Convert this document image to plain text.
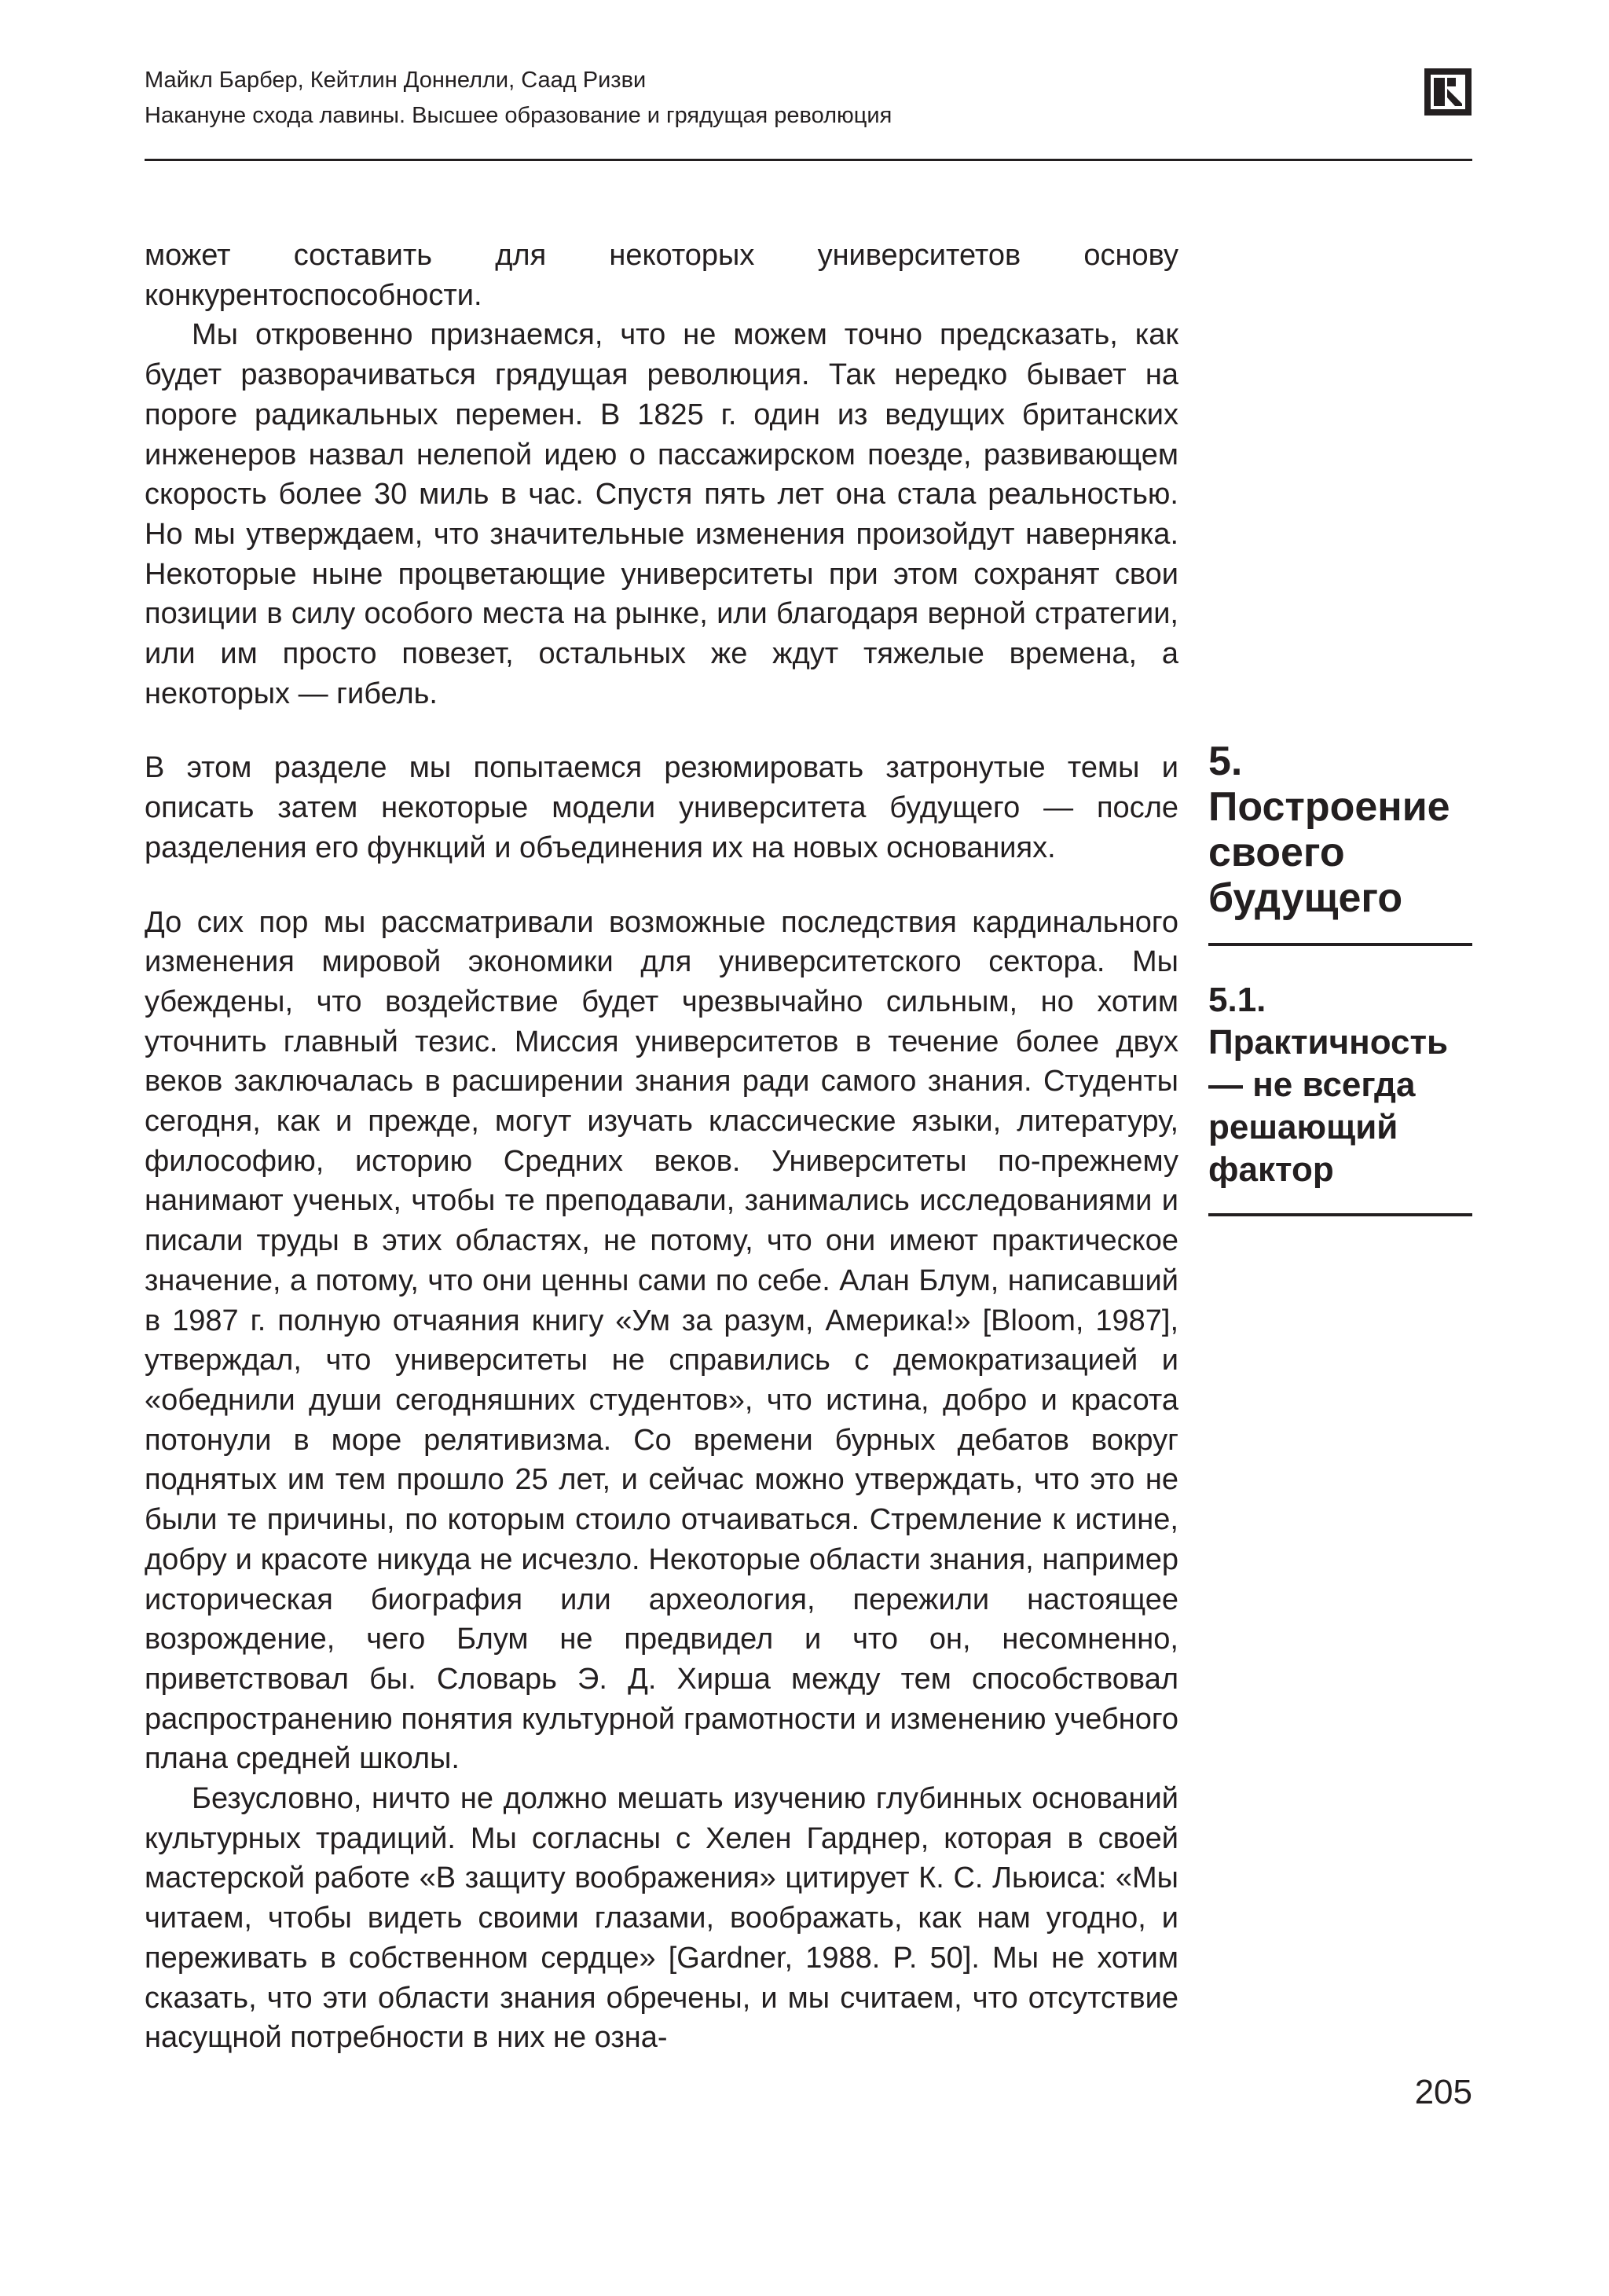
Майкл Барбер, Кейтлин Доннелли, Саад Ризви

Накануне схода лавины. Высшее образование и грядущая революция

может составить для некоторых университетов основу конкурентоспособности.

Мы откровенно признаемся, что не можем точно предсказать, как будет разворачиваться грядущая революция. Так нередко бывает на пороге радикальных перемен. В 1825 г. один из ведущих британских инженеров назвал нелепой идею о пассажирском поезде, развивающем скорость более 30 миль в час. Спустя пять лет она стала реальностью. Но мы утверждаем, что значительные изменения произойдут наверняка. Некоторые ныне процветающие университеты при этом сохранят свои позиции в силу особого места на рынке, или благодаря верной стратегии, или им просто повезет, остальных же ждут тяжелые времена, а некоторых — гибель.

В этом разделе мы попытаемся резюмировать затронутые темы и описать затем некоторые модели университета будущего — после разделения его функций и объединения их на новых основаниях.

До сих пор мы рассматривали возможные последствия кардинального изменения мировой экономики для университетского сектора. Мы убеждены, что воздействие будет чрезвычайно сильным, но хотим уточнить главный тезис. Миссия университетов в течение более двух веков заключалась в расширении знания ради самого знания. Студенты сегодня, как и прежде, могут изучать классические языки, литературу, философию, историю Средних веков. Университеты по-прежнему нанимают ученых, чтобы те преподавали, занимались исследованиями и писали труды в этих областях, не потому, что они имеют практическое значение, а потому, что они ценны сами по себе. Алан Блум, написавший в 1987 г. полную отчаяния книгу «Ум за разум, Америка!» [Bloom, 1987], утверждал, что университеты не справились с демократизацией и «обеднили души сегодняшних студентов», что истина, добро и красота потонули в море релятивизма. Со времени бурных дебатов вокруг поднятых им тем прошло 25 лет, и сейчас можно утверждать, что это не были те причины, по которым стоило отчаиваться. Стремление к истине, добру и красоте никуда не исчезло. Некоторые области знания, например историческая биография или археология, пережили настоящее возрождение, чего Блум не предвидел и что он, несомненно, приветствовал бы. Словарь Э. Д. Хирша между тем способствовал распространению понятия культурной грамотности и изменению учебного плана средней школы.

Безусловно, ничто не должно мешать изучению глубинных оснований культурных традиций. Мы согласны с Хелен Гарднер, которая в своей мастерской работе «В защиту воображения» цитирует К. С. Льюиса: «Мы читаем, чтобы видеть своими глазами, воображать, как нам угодно, и переживать в собственном сердце» [Gardner, 1988. P. 50]. Мы не хотим сказать, что эти области знания обречены, и мы считаем, что отсутствие насущной потребности в них не озна-

5. Построение своего будущего
5.1. Практичность — не всегда решающий фактор
205
